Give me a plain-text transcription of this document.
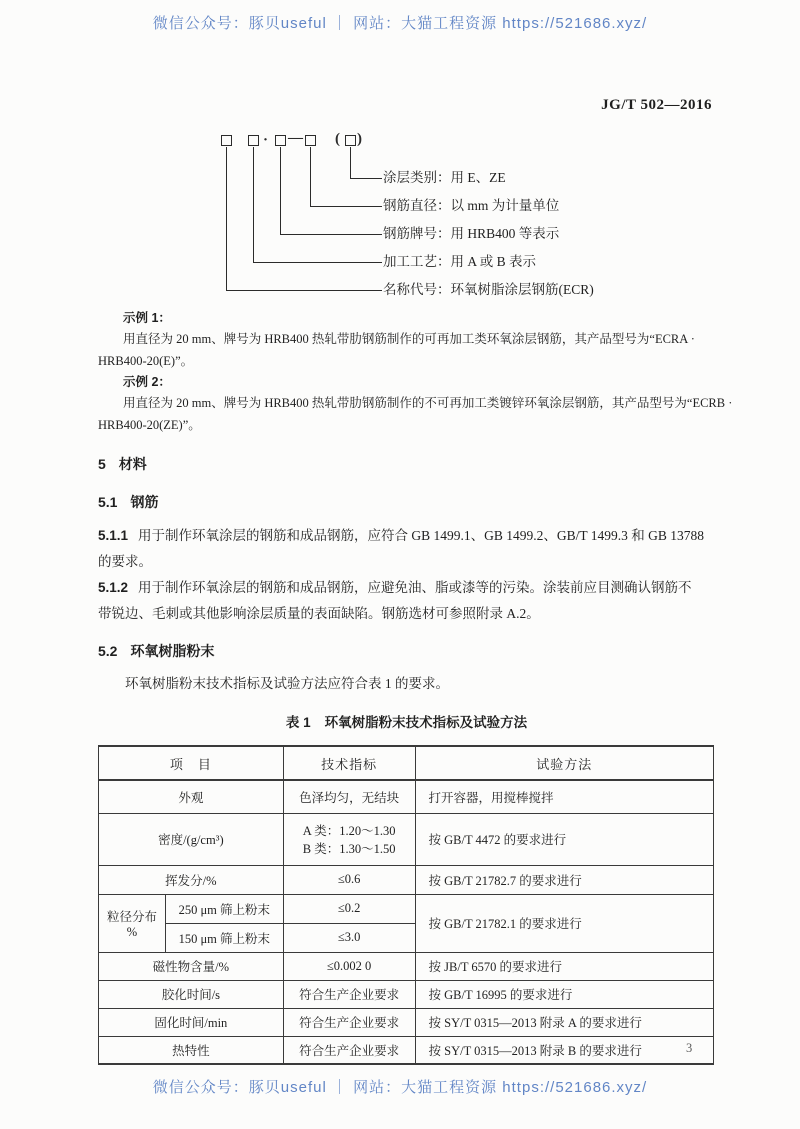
微信公众号：豚贝useful ｜ 网站：大猫工程资源 https://521686.xyz/
JG/T 502—2016
· — ( )
涂层类别：用 E、ZE
钢筋直径：以 mm 为计量单位
钢筋牌号：用 HRB400 等表示
加工工艺：用 A 或 B 表示
名称代号：环氧树脂涂层钢筋(ECR)

示例 1：

用直径为 20 mm、牌号为 HRB400 热轧带肋钢筋制作的可再加工类环氧涂层钢筋，其产品型号为“ECRA ·

HRB400-20(E)”。

示例 2：

用直径为 20 mm、牌号为 HRB400 热轧带肋钢筋制作的不可再加工类镀锌环氧涂层钢筋，其产品型号为“ECRB ·

HRB400-20(ZE)”。

5 材料

5.1 钢筋

5.1.1 用于制作环氧涂层的钢筋和成品钢筋，应符合 GB 1499.1、GB 1499.2、GB/T 1499.3 和 GB 13788

的要求。

5.1.2 用于制作环氧涂层的钢筋和成品钢筋，应避免油、脂或漆等的污染。涂装前应目测确认钢筋不

带锐边、毛刺或其他影响涂层质量的表面缺陷。钢筋选材可参照附录 A.2。

5.2 环氧树脂粉末

环氧树脂粉末技术指标及试验方法应符合表 1 的要求。

表 1 环氧树脂粉末技术指标及试验方法

项　目		技术指标	试验方法
外观		色泽均匀，无结块	打开容器，用搅棒搅拌
密度/(g/cm³)		A 类：1.20～1.30
B 类：1.30～1.50	按 GB/T 4472 的要求进行
挥发分/%		≤0.6	按 GB/T 21782.7 的要求进行

粒径分布
%	250 μm 筛上粉末	≤0.2	按 GB/T 21782.1 的要求进行
	150 μm 筛上粉末	≤3.0	
磁性物含量/%		≤0.002 0	按 JB/T 6570 的要求进行
胶化时间/s		符合生产企业要求	按 GB/T 16995 的要求进行
固化时间/min		符合生产企业要求	按 SY/T 0315—2013 附录 A 的要求进行
热特性		符合生产企业要求	按 SY/T 0315—2013 附录 B 的要求进行	3
微信公众号：豚贝useful ｜ 网站：大猫工程资源 https://521686.xyz/
